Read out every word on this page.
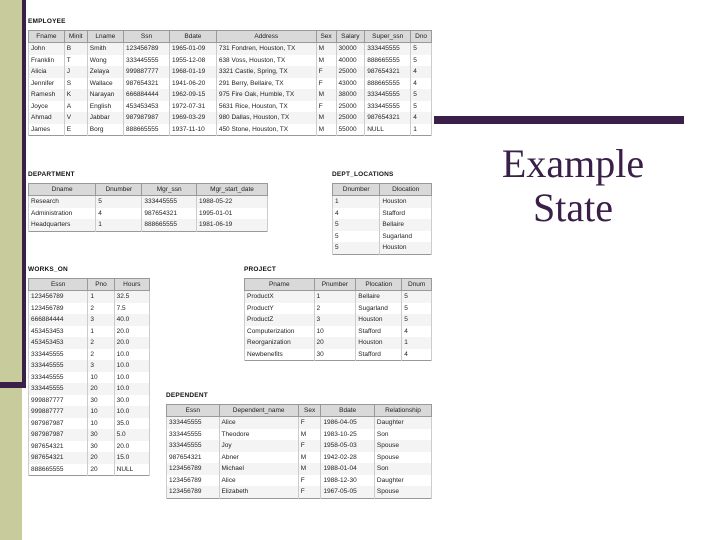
Example
State
EMPLOYEE
Fname	Minit	Lname	Ssn	Bdate	Address	Sex	Salary	Super_ssn	Dno
John	B	Smith	123456789	1965-01-09	731 Fondren, Houston, TX	M	30000	333445555	5
Franklin	T	Wong	333445555	1955-12-08	638 Voss, Houston, TX	M	40000	888665555	5
Alicia	J	Zelaya	999887777	1968-01-19	3321 Castle, Spring, TX	F	25000	987654321	4
Jennifer	S	Wallace	987654321	1941-06-20	291 Berry, Bellaire, TX	F	43000	888665555	4
Ramesh	K	Narayan	666884444	1962-09-15	975 Fire Oak, Humble, TX	M	38000	333445555	5
Joyce	A	English	453453453	1972-07-31	5631 Rice, Houston, TX	F	25000	333445555	5
Ahmad	V	Jabbar	987987987	1969-03-29	980 Dallas, Houston, TX	M	25000	987654321	4
James	E	Borg	888665555	1937-11-10	450 Stone, Houston, TX	M	55000	NULL	1
DEPARTMENT
Dname	Dnumber	Mgr_ssn	Mgr_start_date
Research	5	333445555	1988-05-22
Administration	4	987654321	1995-01-01
Headquarters	1	888665555	1981-06-19
DEPT_LOCATIONS
Dnumber	Dlocation
1	Houston
4	Stafford
5	Bellaire
5	Sugarland
5	Houston
WORKS_ON
Essn	Pno	Hours
123456789	1	32.5
123456789	2	7.5
666884444	3	40.0
453453453	1	20.0
453453453	2	20.0
333445555	2	10.0
333445555	3	10.0
333445555	10	10.0
333445555	20	10.0
999887777	30	30.0
999887777	10	10.0
987987987	10	35.0
987987987	30	5.0
987654321	30	20.0
987654321	20	15.0
888665555	20	NULL
PROJECT
Pname	Pnumber	Plocation	Dnum
ProductX	1	Bellaire	5
ProductY	2	Sugarland	5
ProductZ	3	Houston	5
Computerization	10	Stafford	4
Reorganization	20	Houston	1
Newbenefits	30	Stafford	4
DEPENDENT
Essn	Dependent_name	Sex	Bdate	Relationship
333445555	Alice	F	1986-04-05	Daughter
333445555	Theodore	M	1983-10-25	Son
333445555	Joy	F	1958-05-03	Spouse
987654321	Abner	M	1942-02-28	Spouse
123456789	Michael	M	1988-01-04	Son
123456789	Alice	F	1988-12-30	Daughter
123456789	Elizabeth	F	1967-05-05	Spouse
